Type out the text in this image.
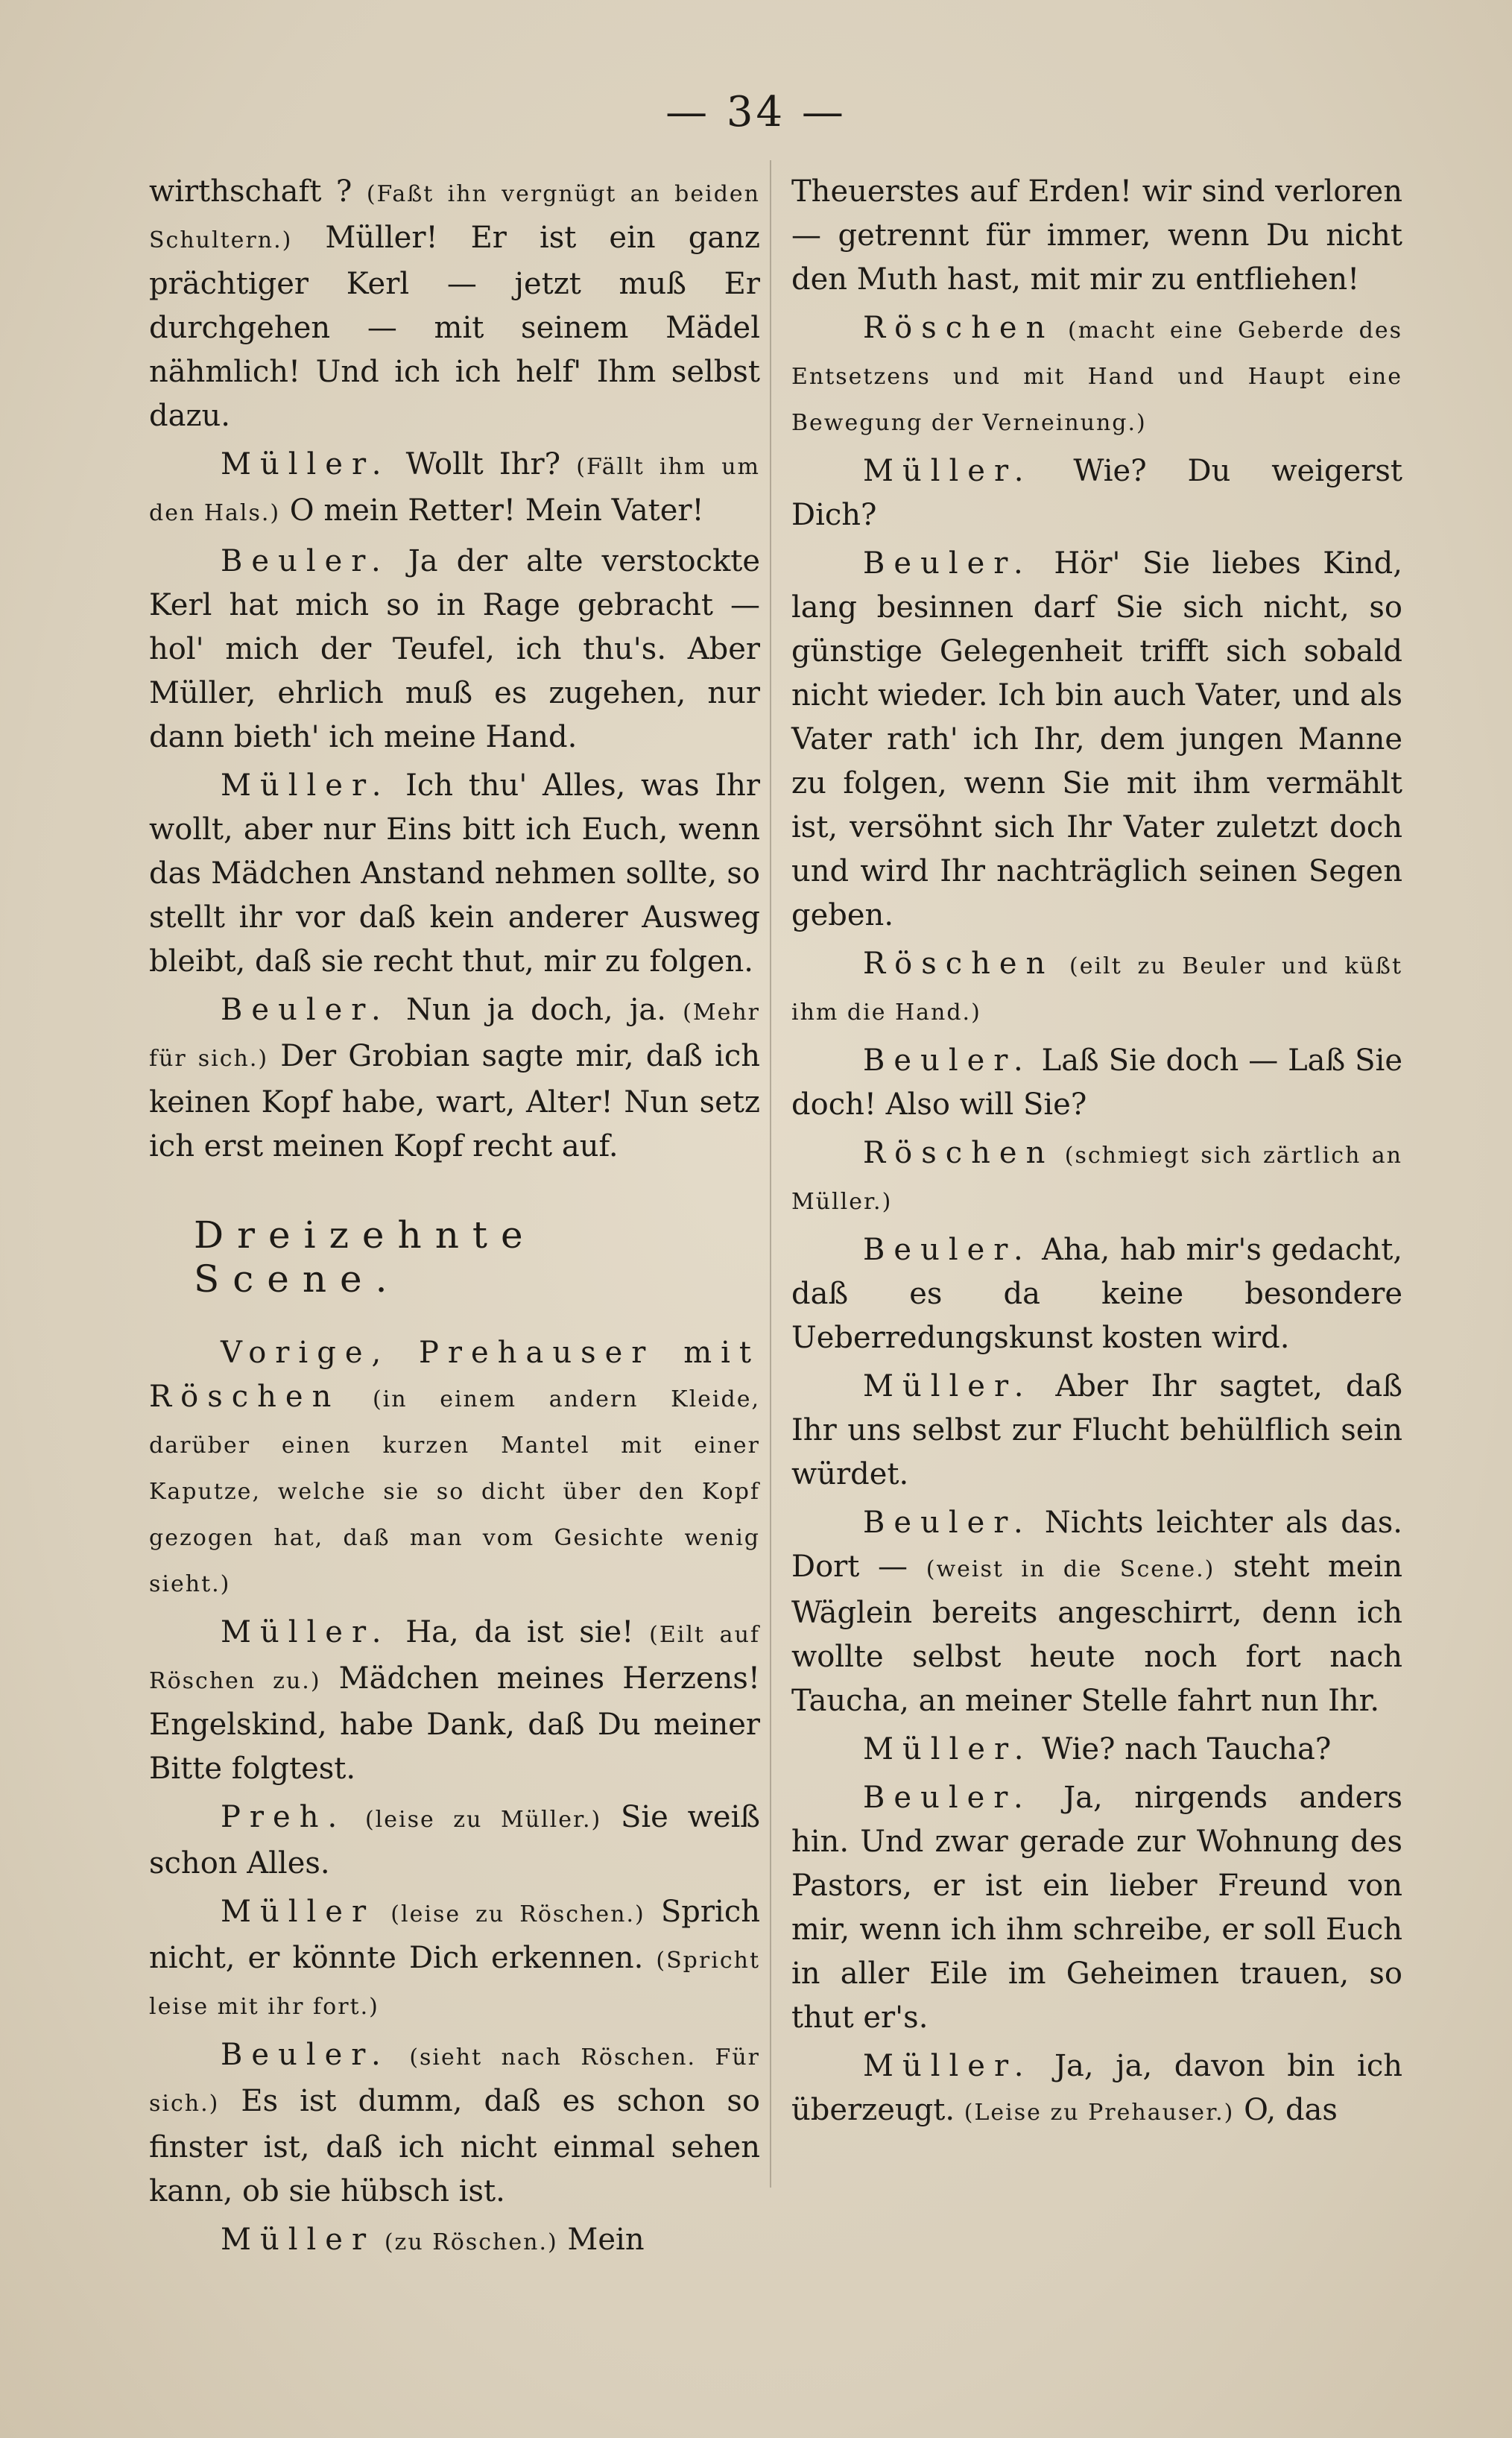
— 34 —

wirthschaft ? (Faßt ihn vergnügt an beiden Schultern.) Müller! Er ist ein ganz prächtiger Kerl — jetzt muß Er durchgehen — mit seinem Mädel nähmlich! Und ich ich helf' Ihm selbst dazu.

Müller. Wollt Ihr? (Fällt ihm um den Hals.) O mein Retter! Mein Vater!

Beuler. Ja der alte verstockte Kerl hat mich so in Rage gebracht — hol' mich der Teufel, ich thu's. Aber Müller, ehrlich muß es zugehen, nur dann bieth' ich meine Hand.

Müller. Ich thu' Alles, was Ihr wollt, aber nur Eins bitt ich Euch, wenn das Mädchen Anstand nehmen sollte, so stellt ihr vor daß kein anderer Ausweg bleibt, daß sie recht thut, mir zu folgen.

Beuler. Nun ja doch, ja. (Mehr für sich.) Der Grobian sagte mir, daß ich keinen Kopf habe, wart, Alter! Nun setz ich erst meinen Kopf recht auf.

Dreizehnte Scene.

Vorige, Prehauser mit Röschen (in einem andern Kleide, darüber einen kurzen Mantel mit einer Kaputze, welche sie so dicht über den Kopf gezogen hat, daß man vom Gesichte wenig sieht.)

Müller. Ha, da ist sie! (Eilt auf Röschen zu.) Mädchen meines Herzens! Engelskind, habe Dank, daß Du meiner Bitte folgtest.

Preh. (leise zu Müller.) Sie weiß schon Alles.

Müller (leise zu Röschen.) Sprich nicht, er könnte Dich erkennen. (Spricht leise mit ihr fort.)

Beuler. (sieht nach Röschen. Für sich.) Es ist dumm, daß es schon so finster ist, daß ich nicht einmal sehen kann, ob sie hübsch ist.

Müller (zu Röschen.) Mein

Theuerstes auf Erden! wir sind verloren — getrennt für immer, wenn Du nicht den Muth hast, mit mir zu entfliehen!

Röschen (macht eine Geberde des Entsetzens und mit Hand und Haupt eine Bewegung der Verneinung.)

Müller. Wie? Du weigerst Dich?

Beuler. Hör' Sie liebes Kind, lang besinnen darf Sie sich nicht, so günstige Gelegenheit trifft sich sobald nicht wieder. Ich bin auch Vater, und als Vater rath' ich Ihr, dem jungen Manne zu folgen, wenn Sie mit ihm vermählt ist, versöhnt sich Ihr Vater zuletzt doch und wird Ihr nachträglich seinen Segen geben.

Röschen (eilt zu Beuler und küßt ihm die Hand.)

Beuler. Laß Sie doch — Laß Sie doch! Also will Sie?

Röschen (schmiegt sich zärtlich an Müller.)

Beuler. Aha, hab mir's gedacht, daß es da keine besondere Ueberredungskunst kosten wird.

Müller. Aber Ihr sagtet, daß Ihr uns selbst zur Flucht behülflich sein würdet.

Beuler. Nichts leichter als das. Dort — (weist in die Scene.) steht mein Wäglein bereits angeschirrt, denn ich wollte selbst heute noch fort nach Taucha, an meiner Stelle fahrt nun Ihr.

Müller. Wie? nach Taucha?

Beuler. Ja, nirgends anders hin. Und zwar gerade zur Wohnung des Pastors, er ist ein lieber Freund von mir, wenn ich ihm schreibe, er soll Euch in aller Eile im Geheimen trauen, so thut er's.

Müller. Ja, ja, davon bin ich überzeugt. (Leise zu Prehauser.) O, das
